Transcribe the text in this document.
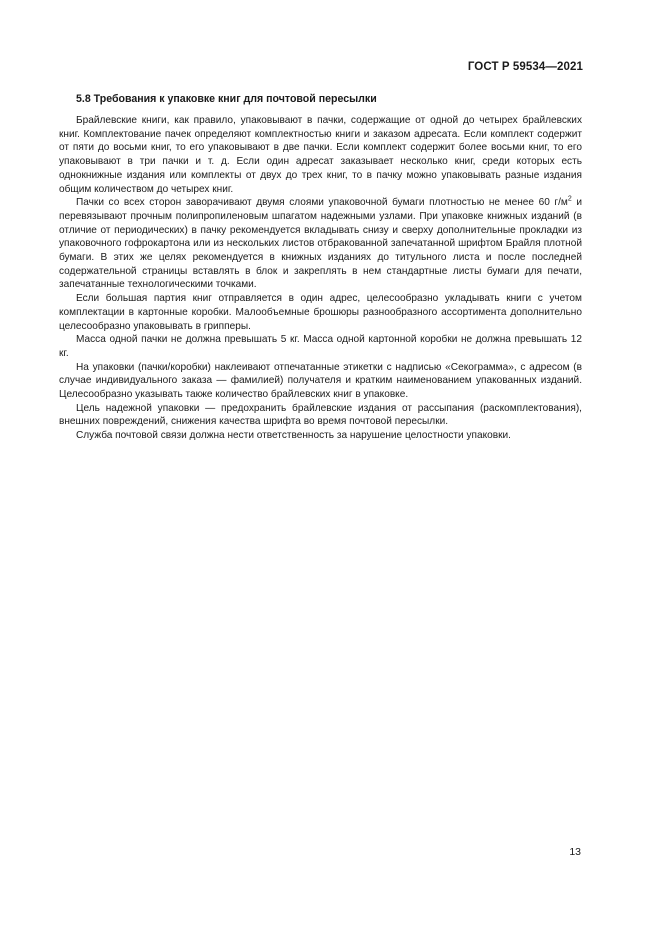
ГОСТ Р 59534—2021
5.8 Требования к упаковке книг для почтовой пересылки

Брайлевские книги, как правило, упаковывают в пачки, содержащие от одной до четырех брайлевских книг. Комплектование пачек определяют комплектностью книги и заказом адресата. Если комплект содержит от пяти до восьми книг, то его упаковывают в две пачки. Если комплект содержит более восьми книг, то его упаковывают в три пачки и т. д. Если один адресат заказывает несколько книг, среди которых есть однокнижные издания или комплекты от двух до трех книг, то в пачку можно упаковывать разные издания общим количеством до четырех книг.

Пачки со всех сторон заворачивают двумя слоями упаковочной бумаги плотностью не менее 60 $г/м^2$ и перевязывают прочным полипропиленовым шпагатом надежными узлами. При упаковке книжных изданий (в отличие от периодических) в пачку рекомендуется вкладывать снизу и сверху дополнительные прокладки из упаковочного гофрокартона или из нескольких листов отбракованной запечатанной шрифтом Брайля плотной бумаги. В этих же целях рекомендуется в книжных изданиях до титульного листа и после последней содержательной страницы вставлять в блок и закреплять в нем стандартные листы бумаги для печати, запечатанные технологическими точками.

Если большая партия книг отправляется в один адрес, целесообразно укладывать книги с учетом комплектации в картонные коробки. Малообъемные брошюры разнообразного ассортимента дополнительно целесообразно упаковывать в грипперы.

Масса одной пачки не должна превышать 5 кг. Масса одной картонной коробки не должна превышать 12 кг.

На упаковки (пачки/коробки) наклеивают отпечатанные этикетки с надписью «Секограмма», с адресом (в случае индивидуального заказа — фамилией) получателя и кратким наименованием упакованных изданий. Целесообразно указывать также количество брайлевских книг в упаковке.

Цель надежной упаковки — предохранить брайлевские издания от рассыпания (раскомплектования), внешних повреждений, снижения качества шрифта во время почтовой пересылки.

Служба почтовой связи должна нести ответственность за нарушение целостности упаковки.

13
